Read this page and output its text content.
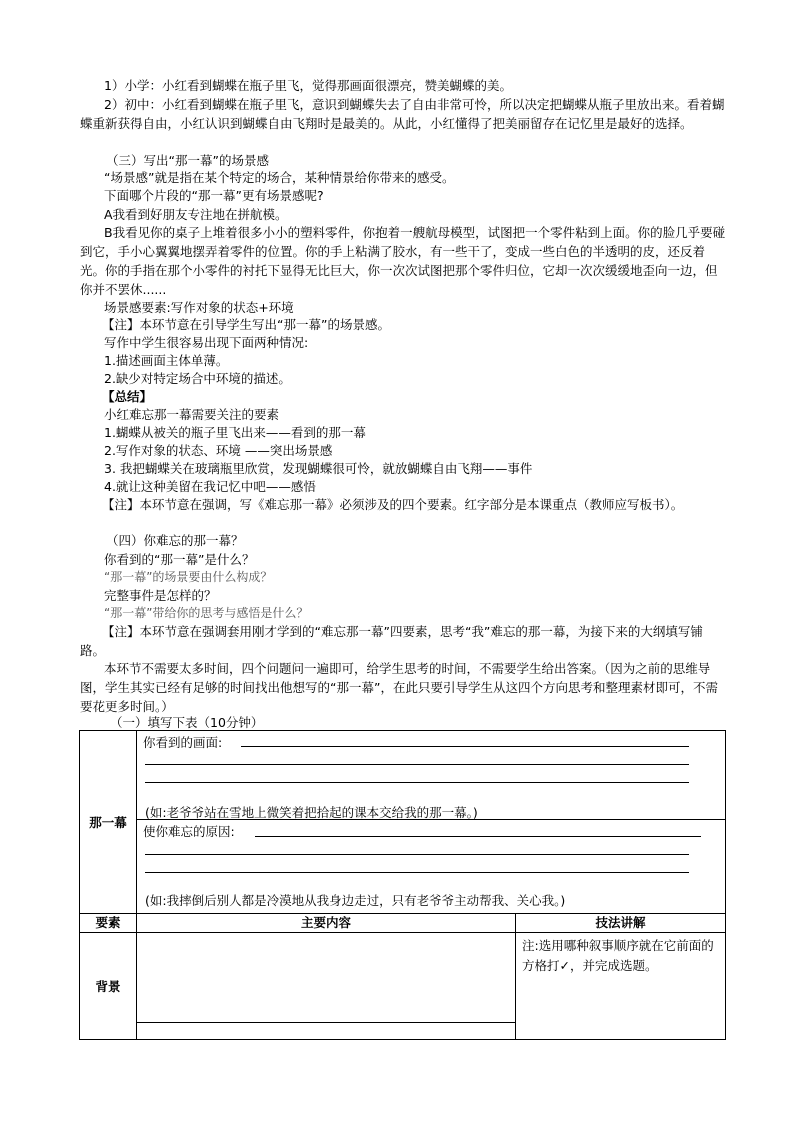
1）小学：小红看到蝴蝶在瓶子里飞，觉得那画面很漂亮，赞美蝴蝶的美。

2）初中：小红看到蝴蝶在瓶子里飞，意识到蝴蝶失去了自由非常可怜，所以决定把蝴蝶从瓶子里放出来。看着蝴蝶重新获得自由，小红认识到蝴蝶自由飞翔时是最美的。从此，小红懂得了把美丽留存在记忆里是最好的选择。

（三）写出“那一幕”的场景感

“场景感”就是指在某个特定的场合，某种情景给你带来的感受。

下面哪个片段的“那一幕”更有场景感呢?

A我看到好朋友专注地在拼航模。

B我看见你的桌子上堆着很多小小的塑料零件，你抱着一艘航母模型，试图把一个零件粘到上面。你的脸几乎要碰到它，手小心翼翼地摆弄着零件的位置。你的手上粘满了胶水，有一些干了，变成一些白色的半透明的皮，还反着光。你的手指在那个小零件的衬托下显得无比巨大，你一次次试图把那个零件归位，它却一次次缓缓地歪向一边，但你并不罢休......

场景感要素:写作对象的状态+环境

【注】本环节意在引导学生写出“那一幕”的场景感。

写作中学生很容易出现下面两种情况:

1.描述画面主体单薄。

2.缺少对特定场合中环境的描述。

【总结】

小红难忘那一幕需要关注的要素

1.蝴蝶从被关的瓶子里飞出来——看到的那一幕

2.写作对象的状态、环境 ——突出场景感

3. 我把蝴蝶关在玻璃瓶里欣赏，发现蝴蝶很可怜，就放蝴蝶自由飞翔——事件

4.就让这种美留在我记忆中吧——感悟

【注】本环节意在强调，写《难忘那一幕》必须涉及的四个要素。红字部分是本课重点（教师应写板书）。

（四）你难忘的那一幕？

你看到的“那一幕”是什么？

“那一幕”的场景要由什么构成？

完整事件是怎样的？

“那一幕”带给你的思考与感悟是什么？

【注】本环节意在强调套用刚才学到的“难忘那一幕”四要素，思考“我”难忘的那一幕，为接下来的大纲填写铺路。

本环节不需要太多时间，四个问题问一遍即可，给学生思考的时间，不需要学生给出答案。（因为之前的思维导图，学生其实已经有足够的时间找出他想写的“那一幕”，在此只要引导学生从这四个方向思考和整理素材即可，不需要花更多时间。）

（一）填写下表（10分钟）

那一幕	你看到的画面:
(如:老爷爷站在雪地上微笑着把拾起的课本交给我的那一幕。)	

	使你难忘的原因:
(如:我摔倒后别人都是冷漠地从我身边走过，只有老爷爷主动帮我、关心我。)	

要素	主要内容	技法讲解
背景		注:选用哪种叙事顺序就在它前面的方格打✓，并完成选题。
